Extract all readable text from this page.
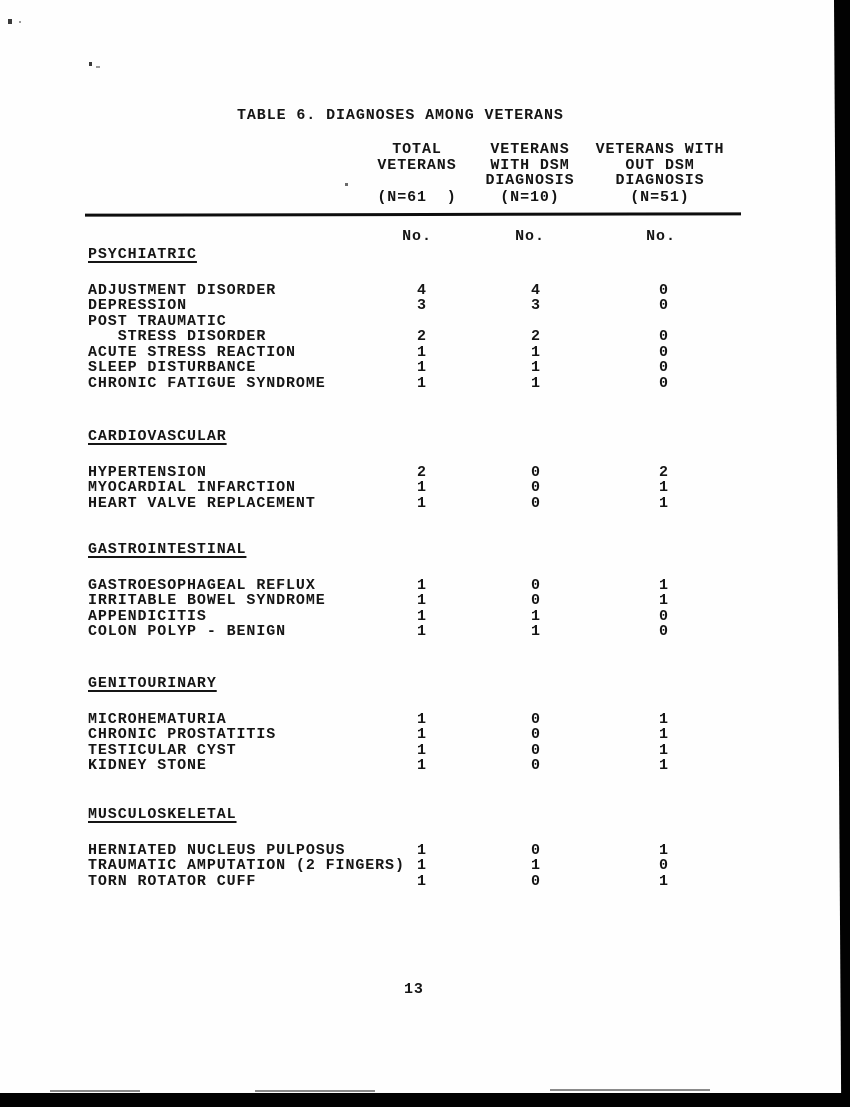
TABLE 6. DIAGNOSES AMONG VETERANS
TOTAL
VETERANS
(N=61  )
VETERANS
WITH DSM
DIAGNOSIS
(N=10)
VETERANS WITH
OUT DSM
DIAGNOSIS
(N=51)
No.	No.	No.
PSYCHIATRIC
ADJUSTMENT DISORDER	4	4	0
DEPRESSION	3	3	0
POST TRAUMATIC
STRESS DISORDER	2	2	0
ACUTE STRESS REACTION	1	1	0
SLEEP DISTURBANCE	1	1	0
CHRONIC FATIGUE SYNDROME	1	1	0
CARDIOVASCULAR
HYPERTENSION	2	0	2
MYOCARDIAL INFARCTION	1	0	1
HEART VALVE REPLACEMENT	1	0	1
GASTROINTESTINAL
GASTROESOPHAGEAL REFLUX	1	0	1
IRRITABLE BOWEL SYNDROME	1	0	1
APPENDICITIS	1	1	0
COLON POLYP - BENIGN	1	1	0
GENITOURINARY
MICROHEMATURIA	1	0	1
CHRONIC PROSTATITIS	1	0	1
TESTICULAR CYST	1	0	1
KIDNEY STONE	1	0	1
MUSCULOSKELETAL
HERNIATED NUCLEUS PULPOSUS	1	0	1
TRAUMATIC AMPUTATION (2 FINGERS) 1	1	0
TORN ROTATOR CUFF	1	0	1
13
